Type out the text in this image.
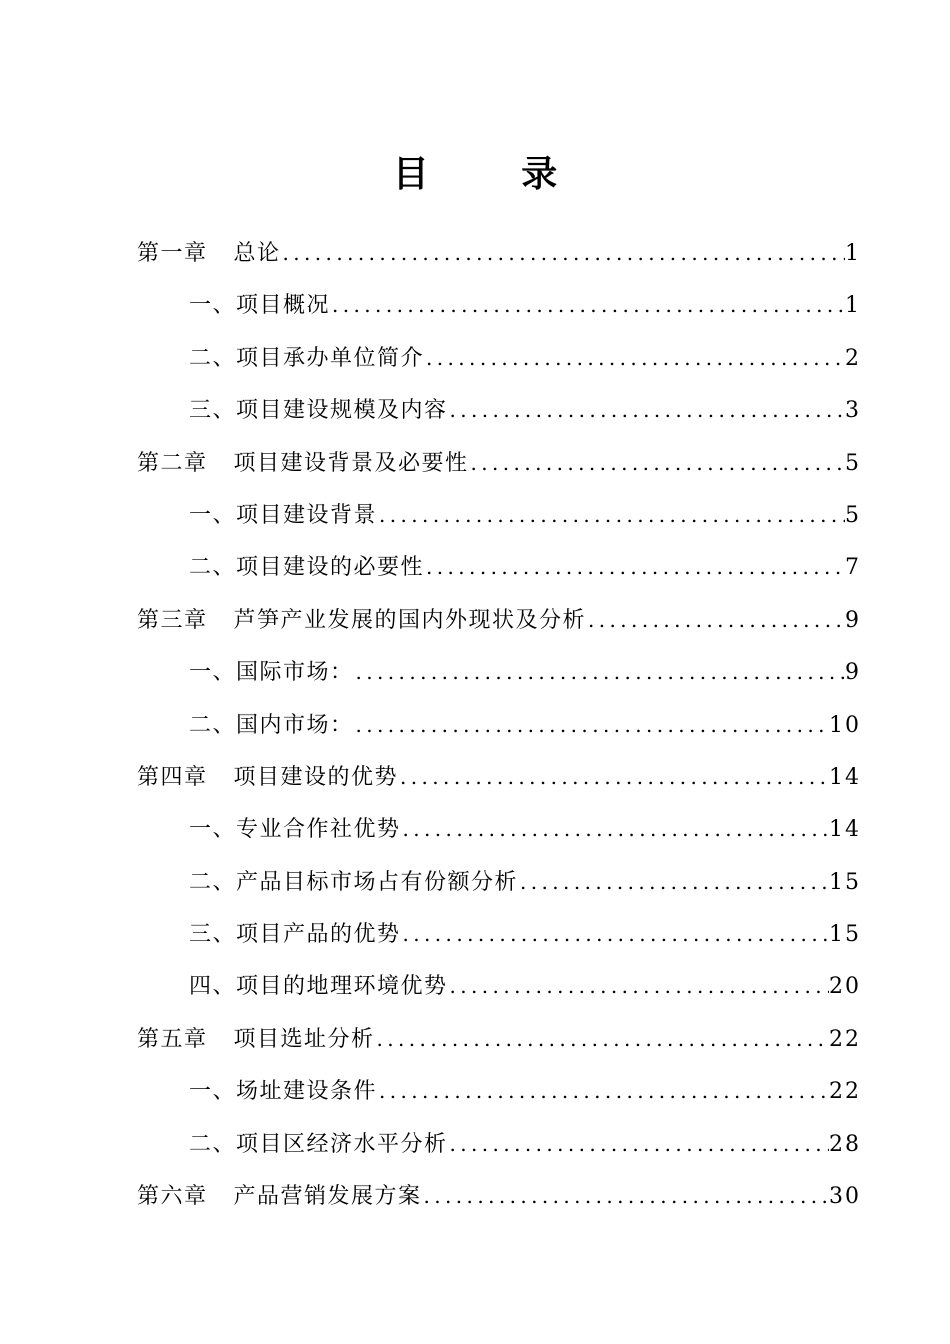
目 录
第一章 总论 .....	1
一、 项目概况 .....	1
二、 项目承办单位简介 .....	2
三、 项目建设规模及内容 .....	3
第二章 项目建设背景及必要性 .....	5
一、 项目建设背景 .....	5
二、 项目建设的必要性 .....	7
第三章 芦笋产业发展的国内外现状及分析 .....	9
一、 国际市场： .....	9
二、 国内市场： .....	10
第四章 项目建设的优势 .....	14
一、 专业合作社优势 .....	14
二、 产品目标市场占有份额分析 .....	15
三、 项目产品的优势 .....	15
四、 项目的地理环境优势 .....	20
第五章 项目选址分析 .....	22
一、 场址建设条件 .....	22
二、 项目区经济水平分析 .....	28
第六章 产品营销发展方案 .....	30
